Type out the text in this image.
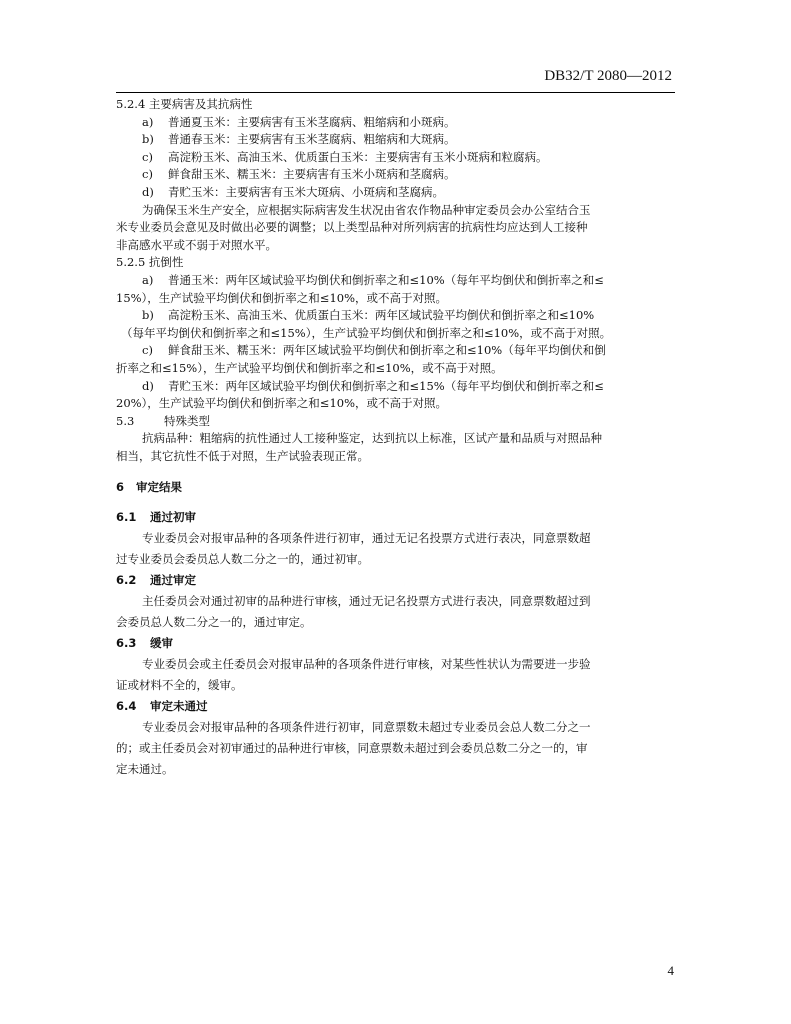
DB32/T 2080—2012
5.2.4 主要病害及其抗病性
a) 普通夏玉米：主要病害有玉米茎腐病、粗缩病和小斑病。
b) 普通春玉米：主要病害有玉米茎腐病、粗缩病和大斑病。
c) 高淀粉玉米、高油玉米、优质蛋白玉米：主要病害有玉米小斑病和粒腐病。
c) 鲜食甜玉米、糯玉米：主要病害有玉米小斑病和茎腐病。
d) 青贮玉米：主要病害有玉米大斑病、小斑病和茎腐病。
为确保玉米生产安全，应根据实际病害发生状况由省农作物品种审定委员会办公室结合玉
米专业委员会意见及时做出必要的调整；以上类型品种对所列病害的抗病性均应达到人工接种
非高感水平或不弱于对照水平。
5.2.5 抗倒性
a) 普通玉米：两年区域试验平均倒伏和倒折率之和≤10%（每年平均倒伏和倒折率之和≤
15%），生产试验平均倒伏和倒折率之和≤10%，或不高于对照。
b) 高淀粉玉米、高油玉米、优质蛋白玉米：两年区域试验平均倒伏和倒折率之和≤10%
（每年平均倒伏和倒折率之和≤15%），生产试验平均倒伏和倒折率之和≤10%，或不高于对照。
c) 鲜食甜玉米、糯玉米：两年区域试验平均倒伏和倒折率之和≤10%（每年平均倒伏和倒
折率之和≤15%），生产试验平均倒伏和倒折率之和≤10%，或不高于对照。
d) 青贮玉米：两年区域试验平均倒伏和倒折率之和≤15%（每年平均倒伏和倒折率之和≤
20%），生产试验平均倒伏和倒折率之和≤10%，或不高于对照。
5.3	特殊类型
抗病品种：粗缩病的抗性通过人工接种鉴定，达到抗以上标准，区试产量和品质与对照品种
相当，其它抗性不低于对照，生产试验表现正常。
6 审定结果
6.1 通过初审
专业委员会对报审品种的各项条件进行初审，通过无记名投票方式进行表决，同意票数超
过专业委员会委员总人数二分之一的，通过初审。
6.2 通过审定
主任委员会对通过初审的品种进行审核，通过无记名投票方式进行表决，同意票数超过到
会委员总人数二分之一的，通过审定。
6.3 缓审
专业委员会或主任委员会对报审品种的各项条件进行审核，对某些性状认为需要进一步验
证或材料不全的，缓审。
6.4 审定未通过
专业委员会对报审品种的各项条件进行初审，同意票数未超过专业委员会总人数二分之一
的；或主任委员会对初审通过的品种进行审核，同意票数未超过到会委员总数二分之一的，审
定未通过。
4
